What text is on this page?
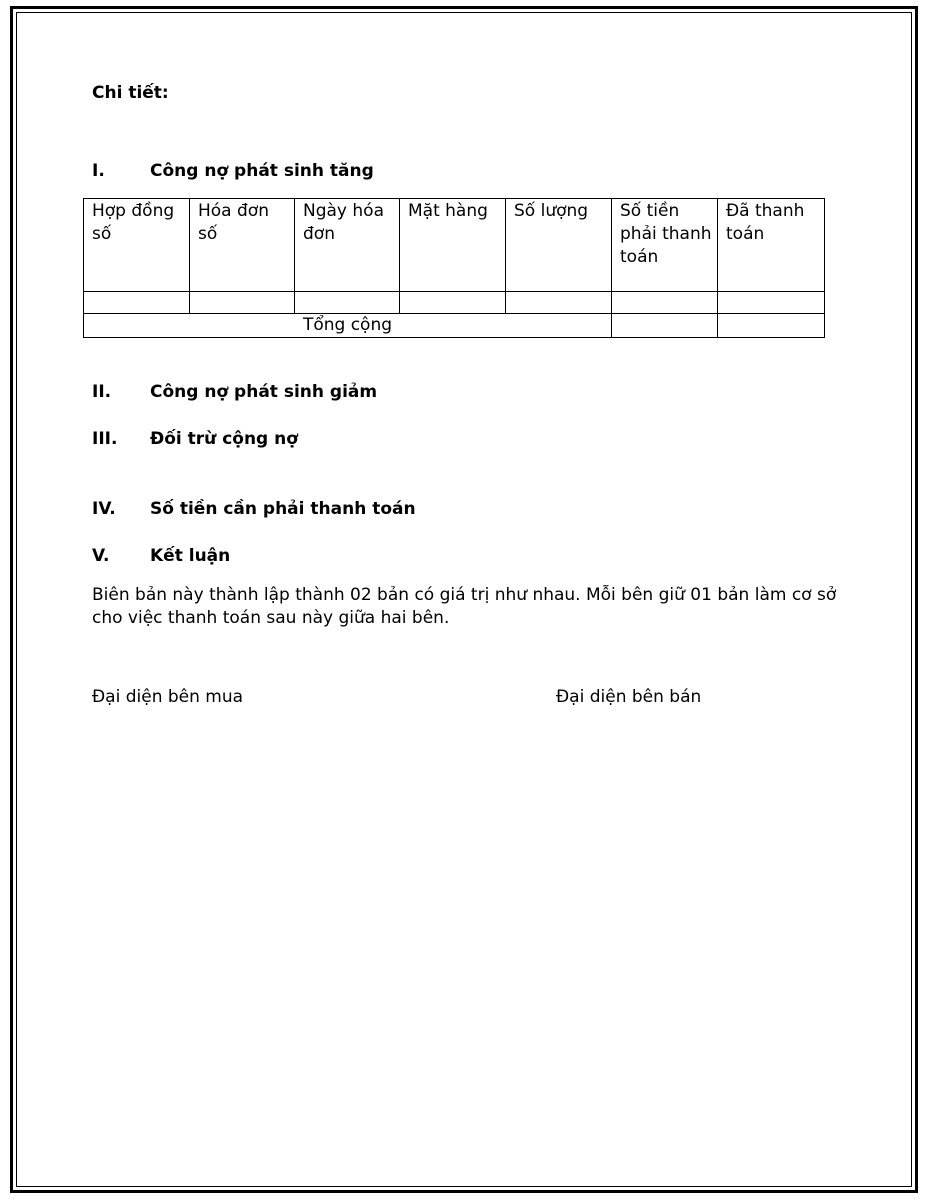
Chi tiết:
I.	Công nợ phát sinh tăng
Hợp đồng số	Hóa đơn số	Ngày hóa đơn	Mặt hàng	Số lượng	Số tiền phải thanh toán	Đã thanh toán

Tổng cộng						
II. Công nợ phát sinh giảm
III. Đối trừ cộng nợ
IV. Số tiền cần phải thanh toán
V. Kết luận
Biên bản này thành lập thành 02 bản có giá trị như nhau. Mỗi bên giữ 01 bản làm cơ sở cho việc thanh toán sau này giữa hai bên.
Đại diện bên mua	Đại diện bên bán
